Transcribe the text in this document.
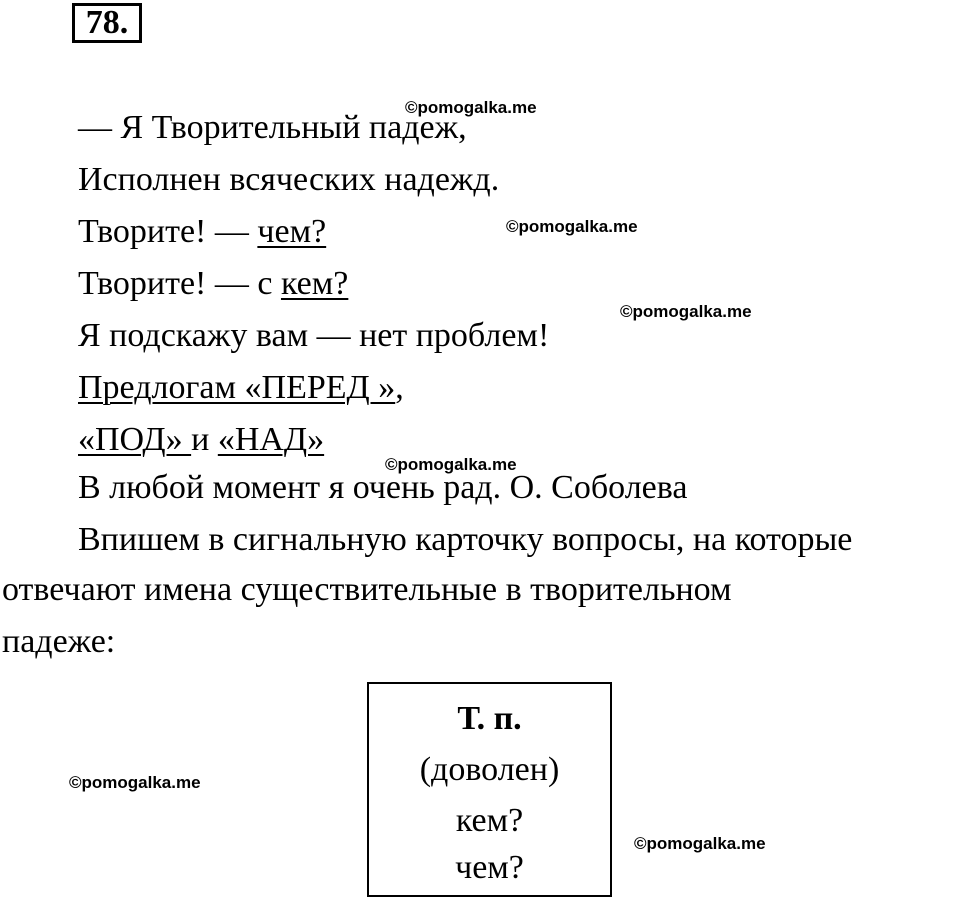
78.
— Я Творительный падеж,
Исполнен всяческих надежд.
Творите! — чем?
Творите! — с кем?
Я подскажу вам — нет проблем!
Предлогам «ПЕРЕД »,
«ПОД» и «НАД»
В любой момент я очень рад. О. Соболева
Впишем в сигнальную карточку вопросы, на которые
отвечают имена существительные в творительном
падеже:
Т. п.
(доволен)
кем?
чем?
©pomogalka.me
©pomogalka.me
©pomogalka.me
©pomogalka.me
©pomogalka.me
©pomogalka.me
